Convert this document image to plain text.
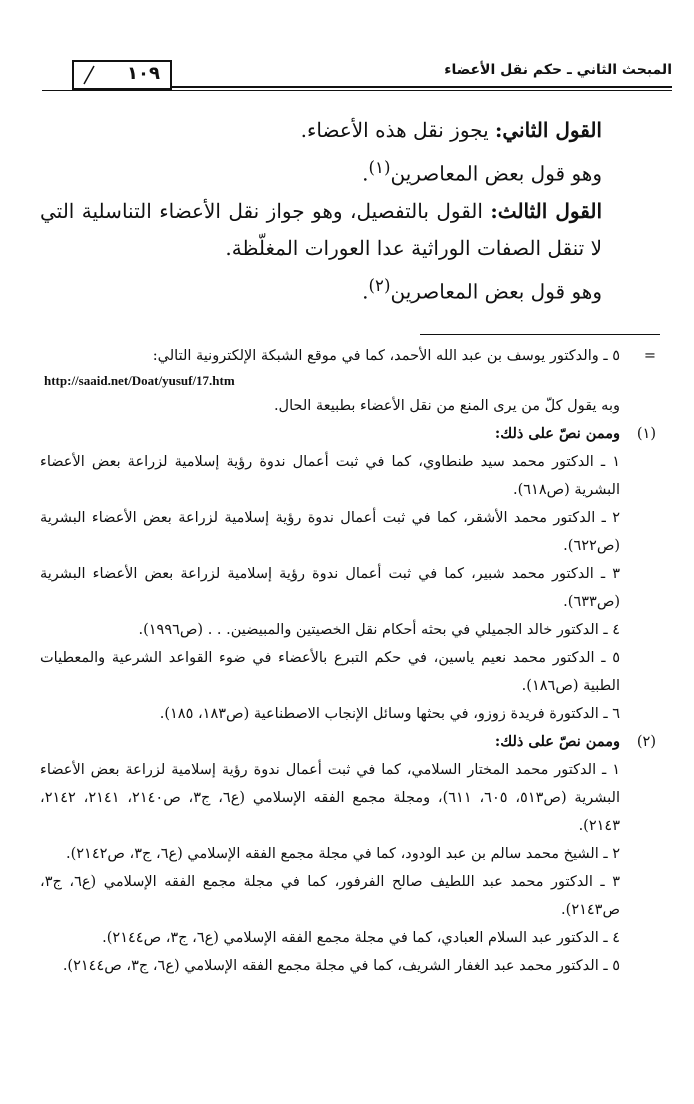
المبحث الثاني ـ حكم نقل الأعضاء
١٠٩

القول الثاني: يجوز نقل هذه الأعضاء.

وهو قول بعض المعاصرين$^{(١)}$.

القول الثالث: القول بالتفصيل، وهو جواز نقل الأعضاء التناسلية التي لا تنقل الصفات الوراثية عدا العورات المغلّظة.

وهو قول بعض المعاصرين$^{(٢)}$.

=٥ ـ والدكتور يوسف بن عبد الله الأحمد، كما في موقع الشبكة الإلكترونية التالي:

http://saaid.net/Doat/yusuf/17.htm

وبه يقول كلّ من يرى المنع من نقل الأعضاء بطبيعة الحال.

(١)وممن نصّ على ذلك:

١ ـ الدكتور محمد سيد طنطاوي، كما في ثبت أعمال ندوة رؤية إسلامية لزراعة بعض الأعضاء البشرية (ص٦١٨).

٢ ـ الدكتور محمد الأشقر، كما في ثبت أعمال ندوة رؤية إسلامية لزراعة بعض الأعضاء البشرية (ص٦٢٢).

٣ ـ الدكتور محمد شبير، كما في ثبت أعمال ندوة رؤية إسلامية لزراعة بعض الأعضاء البشرية (ص٦٣٣).

٤ ـ الدكتور خالد الجميلي في بحثه أحكام نقل الخصيتين والمبيضين. . . (ص١٩٩٦).

٥ ـ الدكتور محمد نعيم ياسين، في حكم التبرع بالأعضاء في ضوء القواعد الشرعية والمعطيات الطبية (ص١٨٦).

٦ ـ الدكتورة فريدة زوزو، في بحثها وسائل الإنجاب الاصطناعية (ص١٨٣، ١٨٥).

(٢)وممن نصّ على ذلك:

١ ـ الدكتور محمد المختار السلامي، كما في ثبت أعمال ندوة رؤية إسلامية لزراعة بعض الأعضاء البشرية (ص٥١٣، ٦٠٥، ٦١١)، ومجلة مجمع الفقه الإسلامي (ع٦، ج٣، ص٢١٤٠، ٢١٤١، ٢١٤٢، ٢١٤٣).

٢ ـ الشيخ محمد سالم بن عبد الودود، كما في مجلة مجمع الفقه الإسلامي (ع٦، ج٣، ص٢١٤٢).

٣ ـ الدكتور محمد عبد اللطيف صالح الفرفور، كما في مجلة مجمع الفقه الإسلامي (ع٦، ج٣، ص٢١٤٣).

٤ ـ الدكتور عبد السلام العبادي، كما في مجلة مجمع الفقه الإسلامي (ع٦، ج٣، ص٢١٤٤).

٥ ـ الدكتور محمد عبد الغفار الشريف، كما في مجلة مجمع الفقه الإسلامي (ع٦، ج٣، ص٢١٤٤).
